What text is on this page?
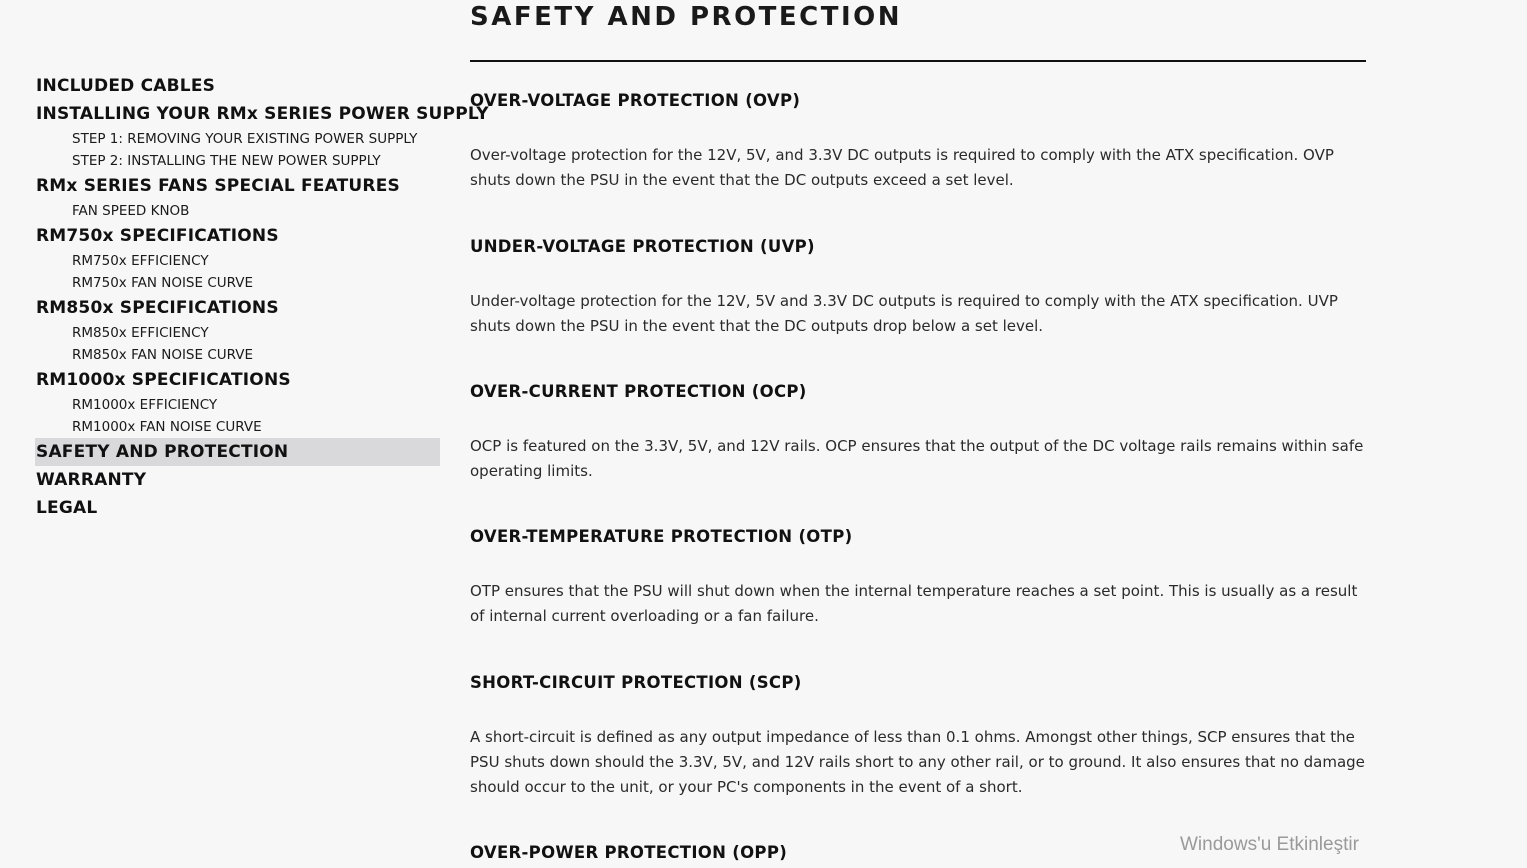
INCLUDED CABLES
INSTALLING YOUR RMx SERIES POWER SUPPLY
STEP 1: REMOVING YOUR EXISTING POWER SUPPLY
STEP 2: INSTALLING THE NEW POWER SUPPLY
RMx SERIES FANS SPECIAL FEATURES
FAN SPEED KNOB
RM750x SPECIFICATIONS
RM750x EFFICIENCY
RM750x FAN NOISE CURVE
RM850x SPECIFICATIONS
RM850x EFFICIENCY
RM850x FAN NOISE CURVE
RM1000x SPECIFICATIONS
RM1000x EFFICIENCY
RM1000x FAN NOISE CURVE
SAFETY AND PROTECTION
WARRANTY
LEGAL
SAFETY AND PROTECTION
OVER-VOLTAGE PROTECTION (OVP)

Over-voltage protection for the 12V, 5V, and 3.3V DC outputs is required to comply with the ATX specification. OVP shuts down the PSU in the event that the DC outputs exceed a set level.

UNDER-VOLTAGE PROTECTION (UVP)

Under-voltage protection for the 12V, 5V and 3.3V DC outputs is required to comply with the ATX specification. UVP shuts down the PSU in the event that the DC outputs drop below a set level.

OVER-CURRENT PROTECTION (OCP)

OCP is featured on the 3.3V, 5V, and 12V rails. OCP ensures that the output of the DC voltage rails remains within safe operating limits.

OVER-TEMPERATURE PROTECTION (OTP)

OTP ensures that the PSU will shut down when the internal temperature reaches a set point. This is usually as a result of internal current overloading or a fan failure.

SHORT-CIRCUIT PROTECTION (SCP)

A short-circuit is defined as any output impedance of less than 0.1 ohms. Amongst other things, SCP ensures that the PSU shuts down should the 3.3V, 5V, and 12V rails short to any other rail, or to ground. It also ensures that no damage should occur to the unit, or your PC's components in the event of a short.

OVER-POWER PROTECTION (OPP)	Windows'u Etkinleştir
